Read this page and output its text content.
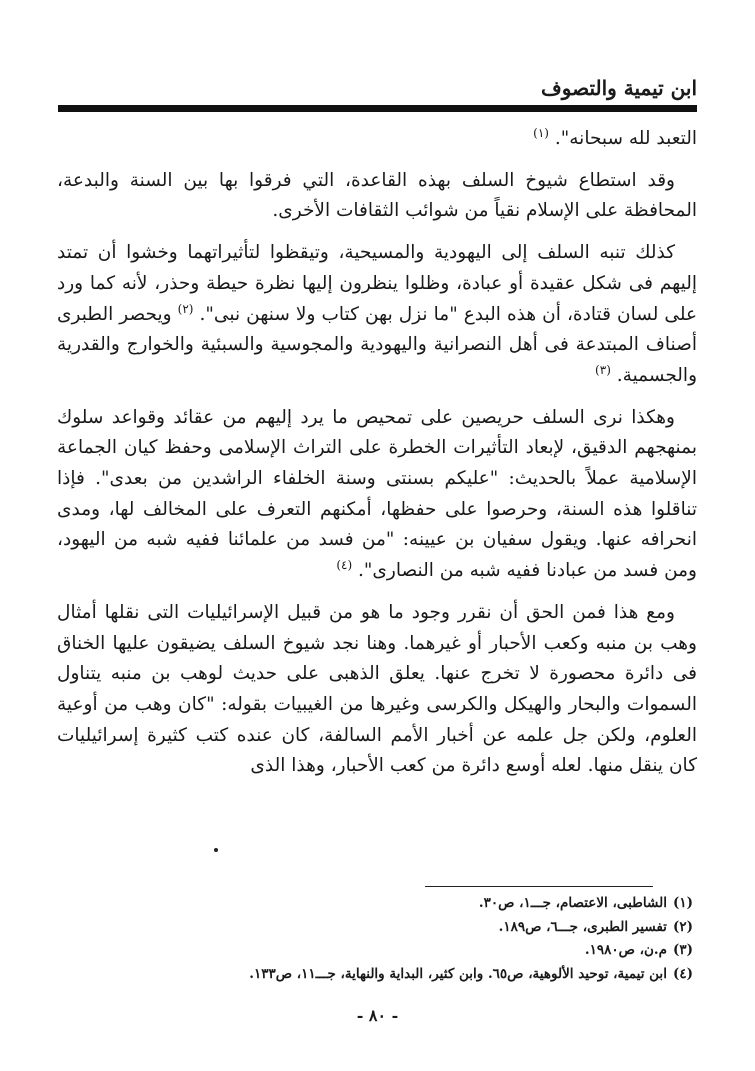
ابن تيمية والتصوف

التعبد لله سبحانه". $^{(١)}$

وقد استطاع شيوخ السلف بهذه القاعدة، التي فرقوا بها بين السنة والبدعة، المحافظة على الإسلام نقياً من شوائب الثقافات الأخرى.

كذلك تنبه السلف إلى اليهودية والمسيحية، وتيقظوا لتأثيراتهما وخشوا أن تمتد إليهم فى شكل عقيدة أو عبادة، وظلوا ينظرون إليها نظرة حيطة وحذر، لأنه كما ورد على لسان قتادة، أن هذه البدع "ما نزل بهن كتاب ولا سنهن نبى". $^{(٢)}$ ويحصر الطبرى أصناف المبتدعة فى أهل النصرانية واليهودية والمجوسية والسبئية والخوارج والقدرية والجسمية. $^{(٣)}$

وهكذا نرى السلف حريصين على تمحيص ما يرد إليهم من عقائد وقواعد سلوك بمنهجهم الدقيق، لإبعاد التأثيرات الخطرة على التراث الإسلامى وحفظ كيان الجماعة الإسلامية عملاً بالحديث: "عليكم بسنتى وسنة الخلفاء الراشدين من بعدى". فإذا تناقلوا هذه السنة، وحرصوا على حفظها، أمكنهم التعرف على المخالف لها، ومدى انحرافه عنها. ويقول سفيان بن عيينه: "من فسد من علمائنا ففيه شبه من اليهود، ومن فسد من عبادنا ففيه شبه من النصارى". $^{(٤)}$

ومع هذا فمن الحق أن نقرر وجود ما هو من قبيل الإسرائيليات التى نقلها أمثال وهب بن منبه وكعب الأحبار أو غيرهما. وهنا نجد شيوخ السلف يضيقون عليها الخناق فى دائرة محصورة لا تخرج عنها. يعلق الذهبى على حديث لوهب بن منبه يتناول السموات والبحار والهيكل والكرسى وغيرها من الغيبيات بقوله: "كان وهب من أوعية العلوم، ولكن جل علمه عن أخبار الأمم السالفة، كان عنده كتب كثيرة إسرائيليات كان ينقل منها. لعله أوسع دائرة من كعب الأحبار، وهذا الذى

(١)الشاطبى، الاعتصام، جـــ١، ص٣٠.
(٢)تفسير الطبرى، جـــ٦، ص١٨٩.
(٣)م.ن، ص١٩٨٠.
(٤)ابن تيمية، توحيد الألوهية، ص٦٥. وابن كثير، البداية والنهاية، جـــ١١، ص١٣٣.
- ٨٠ -
